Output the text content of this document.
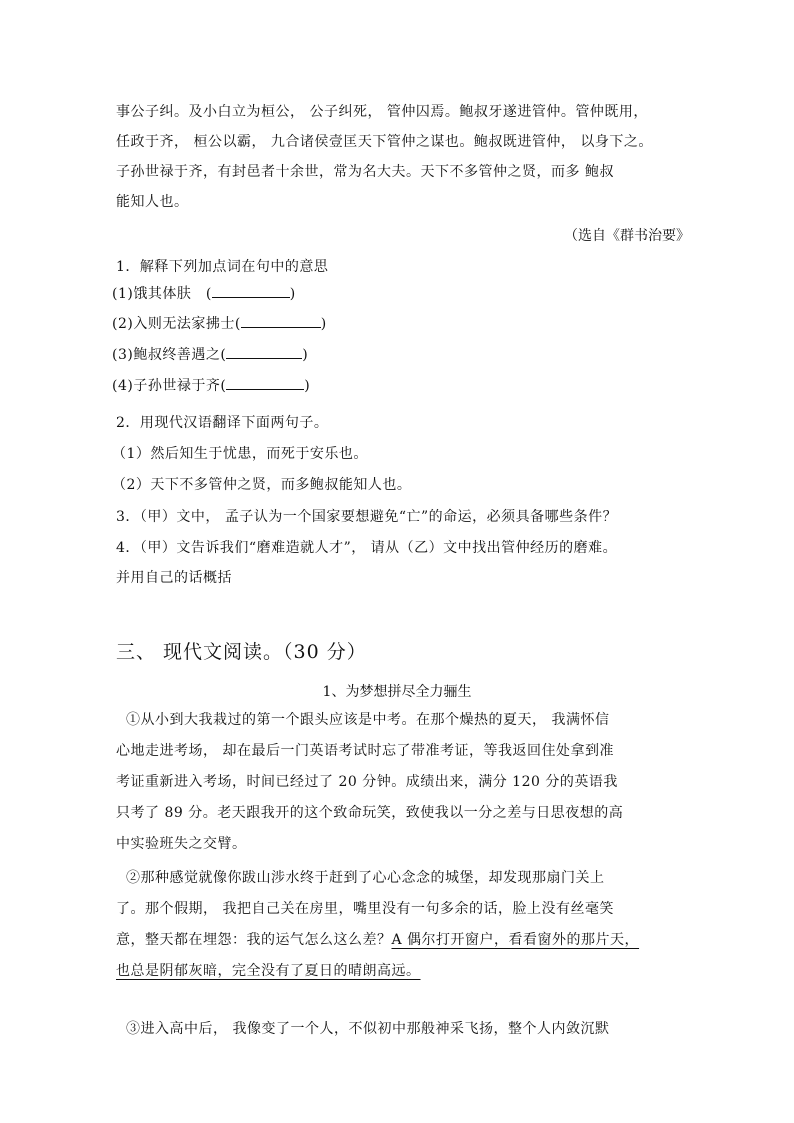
事公子纠。及小白立为桓公， 公子纠死， 管仲囚焉。鲍叔牙遂进管仲。管仲既用，
任政于齐， 桓公以霸， 九合诸侯壹匡天下管仲之谋也。鲍叔既进管仲， 以身下之。
子孙世禄于齐，有封邑者十余世，常为名大夫。天下不多管仲之贤，而多 鲍叔
能知人也。
（选自《群书治要》
1．解释下列加点词在句中的意思
(1)饿其体肤　(	)
(2)入则无法家拂士(	)
(3)鲍叔终善遇之(	)
(4)子孙世禄于齐(	)
2．用现代汉语翻译下面两句子。
（1）然后知生于忧患，而死于安乐也。
（2）天下不多管仲之贤，而多鲍叔能知人也。
3．（甲）文中， 孟子认为一个国家要想避免“亡”的命运，必须具备哪些条件？
4．（甲）文告诉我们“磨难造就人才”， 请从（乙）文中找出管仲经历的磨难。
并用自己的话概括
三、 现代文阅读。（30 分）
1、为梦想拼尽全力骊生
①从小到大我栽过的第一个跟头应该是中考。在那个燥热的夏天， 我满怀信
心地走进考场， 却在最后一门英语考试时忘了带准考证，等我返回住处拿到准
考证重新进入考场，时间已经过了 20 分钟。成绩出来，满分 120 分的英语我
只考了 89 分。老天跟我开的这个致命玩笑，致使我以一分之差与日思夜想的高
中实验班失之交臂。
②那种感觉就像你跋山涉水终于赶到了心心念念的城堡，却发现那扇门关上
了。那个假期， 我把自己关在房里，嘴里没有一句多余的话，脸上没有丝毫笑
意，整天都在埋怨：我的运气怎么这么差？A 偶尔打开窗户，看看窗外的那片天，
也总是阴郁灰暗，完全没有了夏日的晴朗高远。
③进入高中后， 我像变了一个人，不似初中那般神采飞扬，整个人内敛沉默
